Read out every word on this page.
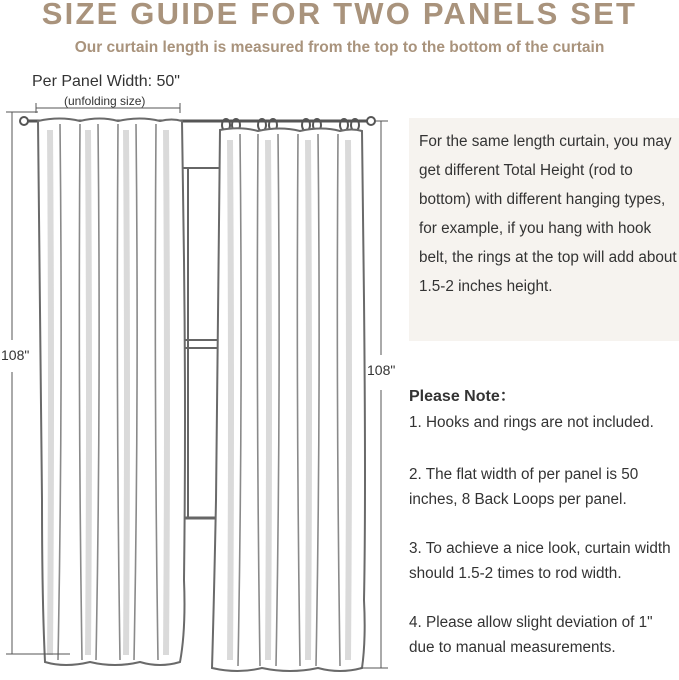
SIZE GUIDE FOR TWO PANELS SET
Our curtain length is measured from the top to the bottom of the curtain
Per Panel Width: 50"
(unfolding size)
108"
108"
For the same length curtain, you may get different Total Height (rod to bottom) with different hanging types, for example, if you hang with hook belt, the rings at the top will add about 1.5-2 inches height.
Please Note：
1. Hooks and rings are not included.
2. The flat width of per panel is 50 inches, 8 Back Loops per panel.
3. To achieve a nice look, curtain width should 1.5-2 times to rod width.
4. Please allow slight deviation of 1" due to manual measurements.
